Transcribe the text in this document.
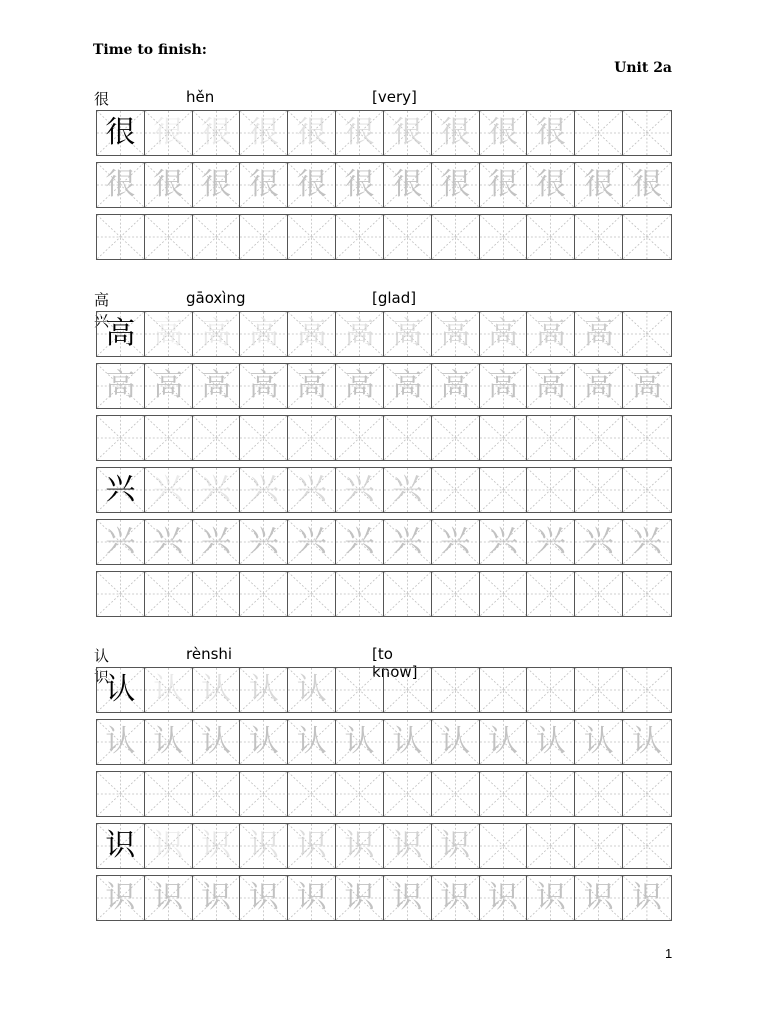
Time to finish:
Unit 2a
很	hěn	[very]
很 很 很 很 很 很 很 很 很 很
很 很 很 很 很 很 很 很 很 很 很 很
高兴
gāoxìng	[glad]
高 高 高 高 高 高 高 高 高 高 高
高 高 高 高 高 高 高 高 高 高 高 高
兴 兴 兴 兴 兴 兴 兴
兴 兴 兴 兴 兴 兴 兴 兴 兴 兴 兴 兴
认识
rènshi	[to know]
认 认 认 认 认
认 认 认 认 认 认 认 认 认 认 认 认
识 识 识 识 识 识 识 识
识 识 识 识 识 识 识 识 识 识 识 识
1
